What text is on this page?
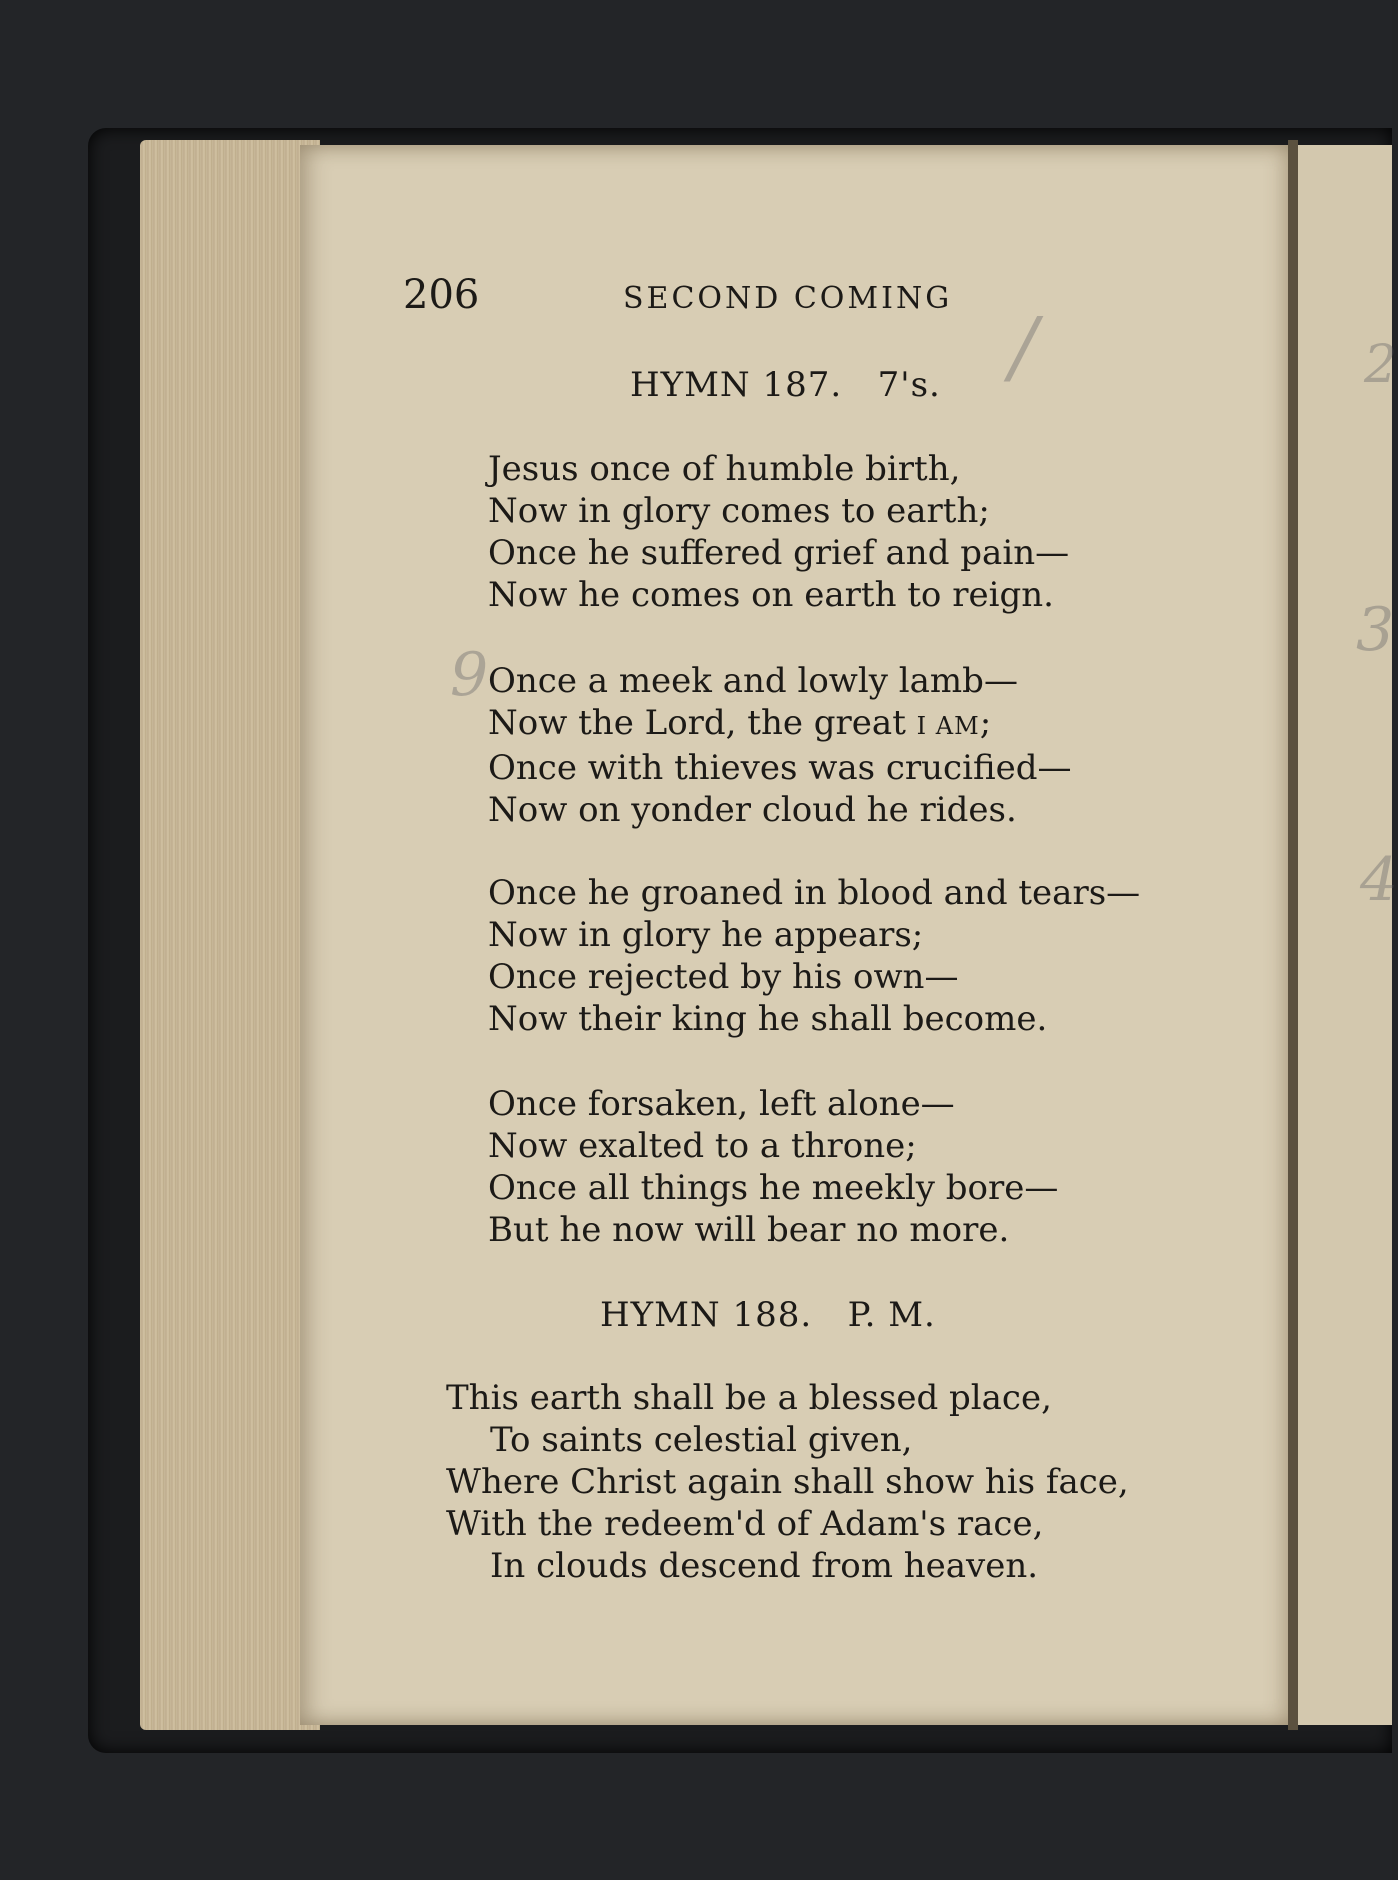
2
3
4
/
9
206	SECOND COMING
HYMN 187. 7's.
Jesus once of humble birth,
Now in glory comes to earth;
Once he suffered grief and pain—
Now he comes on earth to reign.
Once a meek and lowly lamb—
Now the Lord, the great I AM;
Once with thieves was crucified—
Now on yonder cloud he rides.
Once he groaned in blood and tears—
Now in glory he appears;
Once rejected by his own—
Now their king he shall become.
Once forsaken, left alone—
Now exalted to a throne;
Once all things he meekly bore—
But he now will bear no more.
HYMN 188. P. M.
This earth shall be a blessed place,
To saints celestial given,
Where Christ again shall show his face,
With the redeem'd of Adam's race,
In clouds descend from heaven.
